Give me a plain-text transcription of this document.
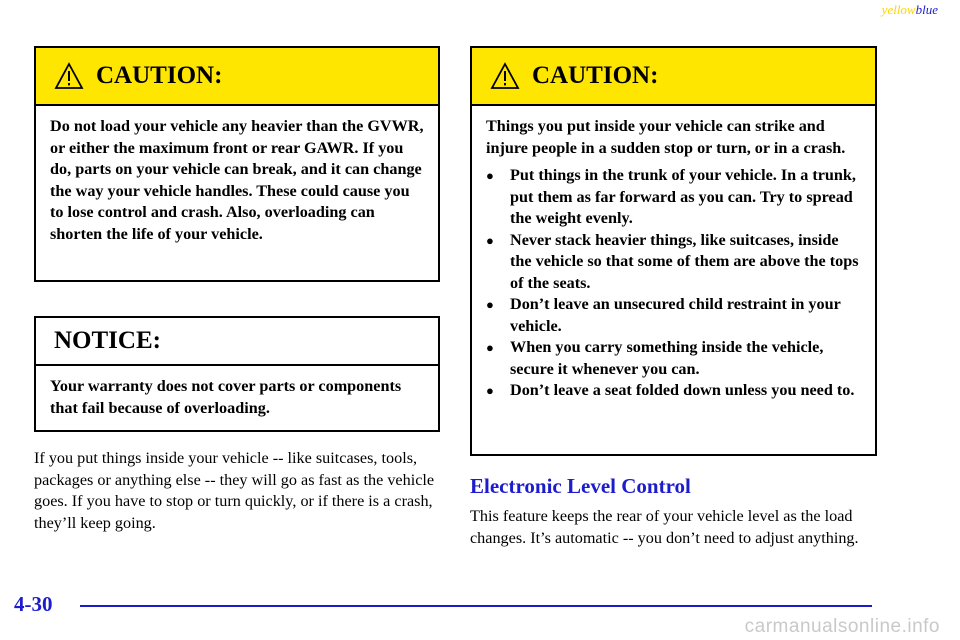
yellowblue
CAUTION:
Do not load your vehicle any heavier than the GVWR, or either the maximum front or rear GAWR. If you do, parts on your vehicle can break, and it can change the way your vehicle handles. These could cause you to lose control and crash. Also, overloading can shorten the life of your vehicle.
NOTICE:
Your warranty does not cover parts or components that fail because of overloading.
If you put things inside your vehicle -- like suitcases, tools, packages or anything else -- they will go as fast as the vehicle goes. If you have to stop or turn quickly, or if there is a crash, they’ll keep going.
CAUTION:
Things you put inside your vehicle can strike and injure people in a sudden stop or turn, or in a crash.
● Put things in the trunk of your vehicle. In a trunk, put them as far forward as you can. Try to spread the weight evenly.
● Never stack heavier things, like suitcases, inside the vehicle so that some of them are above the tops of the seats.
● Don’t leave an unsecured child restraint in your vehicle.
● When you carry something inside the vehicle, secure it whenever you can.
● Don’t leave a seat folded down unless you need to.
Electronic Level Control
This feature keeps the rear of your vehicle level as the load changes. It’s automatic -- you don’t need to adjust anything.
4-30
carmanualsonline.info
